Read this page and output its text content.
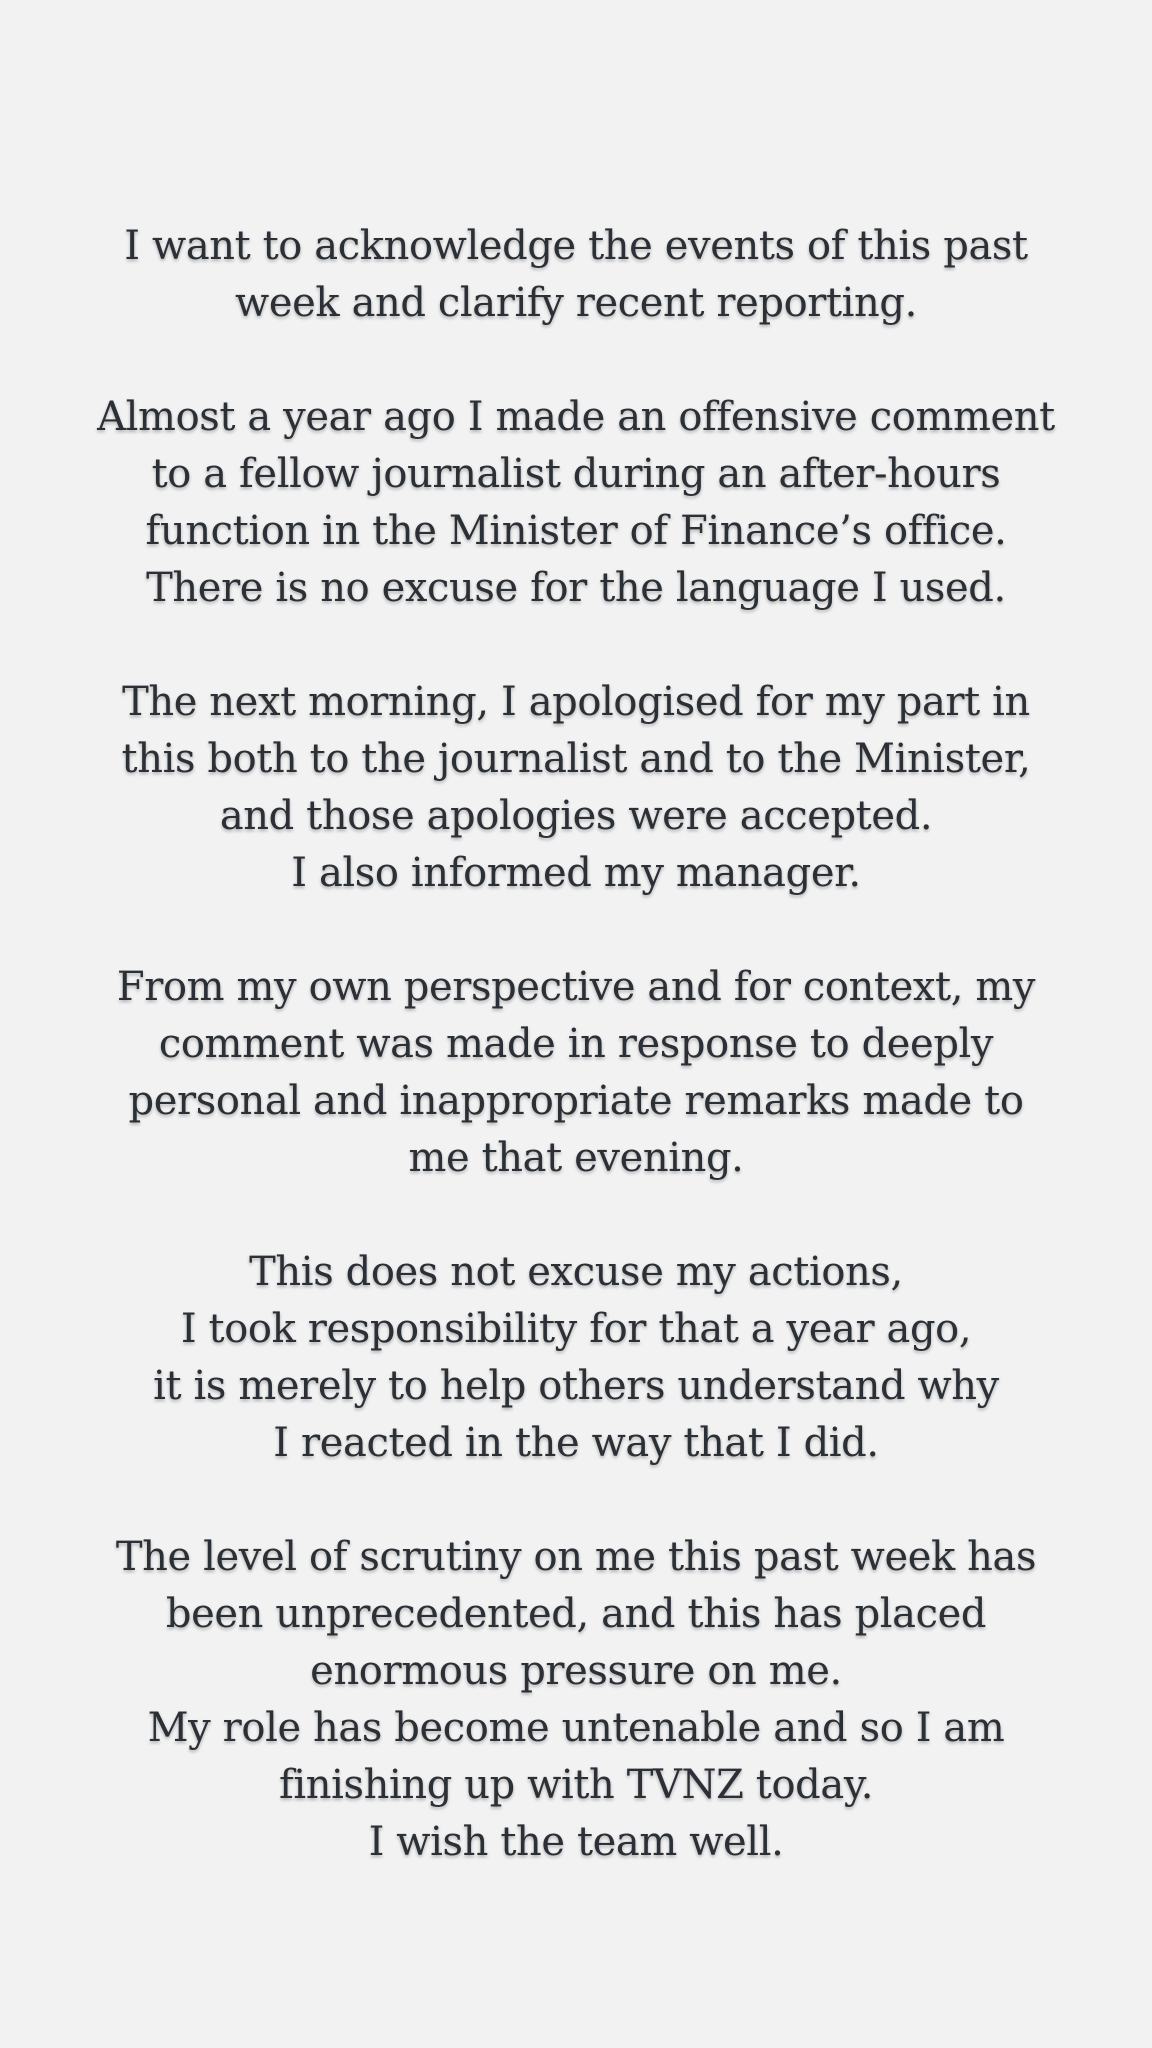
I want to acknowledge the events of this past
week and clarify recent reporting.

Almost a year ago I made an offensive comment
to a fellow journalist during an after-hours
function in the Minister of Finance’s office.
There is no excuse for the language I used.

The next morning, I apologised for my part in
this both to the journalist and to the Minister,
and those apologies were accepted.
I also informed my manager.

From my own perspective and for context, my
comment was made in response to deeply
personal and inappropriate remarks made to
me that evening.

This does not excuse my actions,
I took responsibility for that a year ago,
it is merely to help others understand why
I reacted in the way that I did.

The level of scrutiny on me this past week has
been unprecedented, and this has placed
enormous pressure on me.
My role has become untenable and so I am
finishing up with TVNZ today.
I wish the team well.
